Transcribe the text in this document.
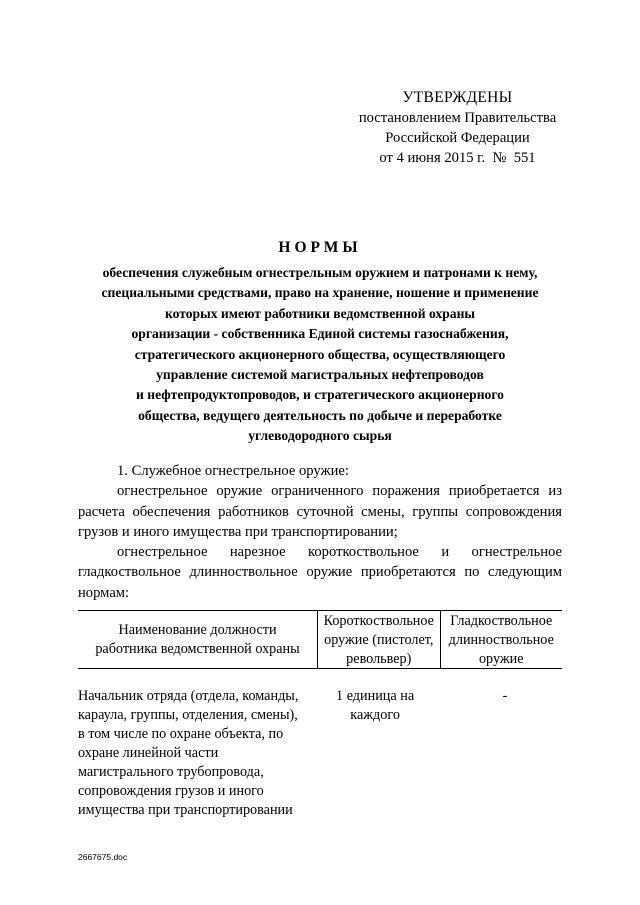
УТВЕРЖДЕНЫ
постановлением Правительства
Российской Федерации
от 4 июня 2015 г.  №  551
НОРМЫ
обеспечения служебным огнестрельным оружием и патронами к нему,
специальными средствами, право на хранение, ношение и применение
которых имеют работники ведомственной охраны
организации - собственника Единой системы газоснабжения,
стратегического акционерного общества, осуществляющего
управление системой магистральных нефтепроводов
и нефтепродуктопроводов, и стратегического акционерного
общества, ведущего деятельность по добыче и переработке
углеводородного сырья

1. Служебное огнестрельное оружие:

огнестрельное оружие ограниченного поражения приобретается из расчета обеспечения работников суточной смены, группы сопровождения грузов и иного имущества при транспортировании;

огнестрельное нарезное короткоствольное и огнестрельное гладкоствольное длинноствольное оружие приобретаются по следующим нормам:

Наименование должности работника ведомственной охраны
Короткоствольное оружие (пистолет, револьвер)
Гладкоствольное длинноствольное оружие
Начальник отряда (отдела, команды, караула, группы, отделения, смены), в том числе по охране объекта, по охране линейной части магистрального трубопровода, сопровождения грузов и иного имущества при транспортировании
1 единица на каждого
-
2667675.doc
